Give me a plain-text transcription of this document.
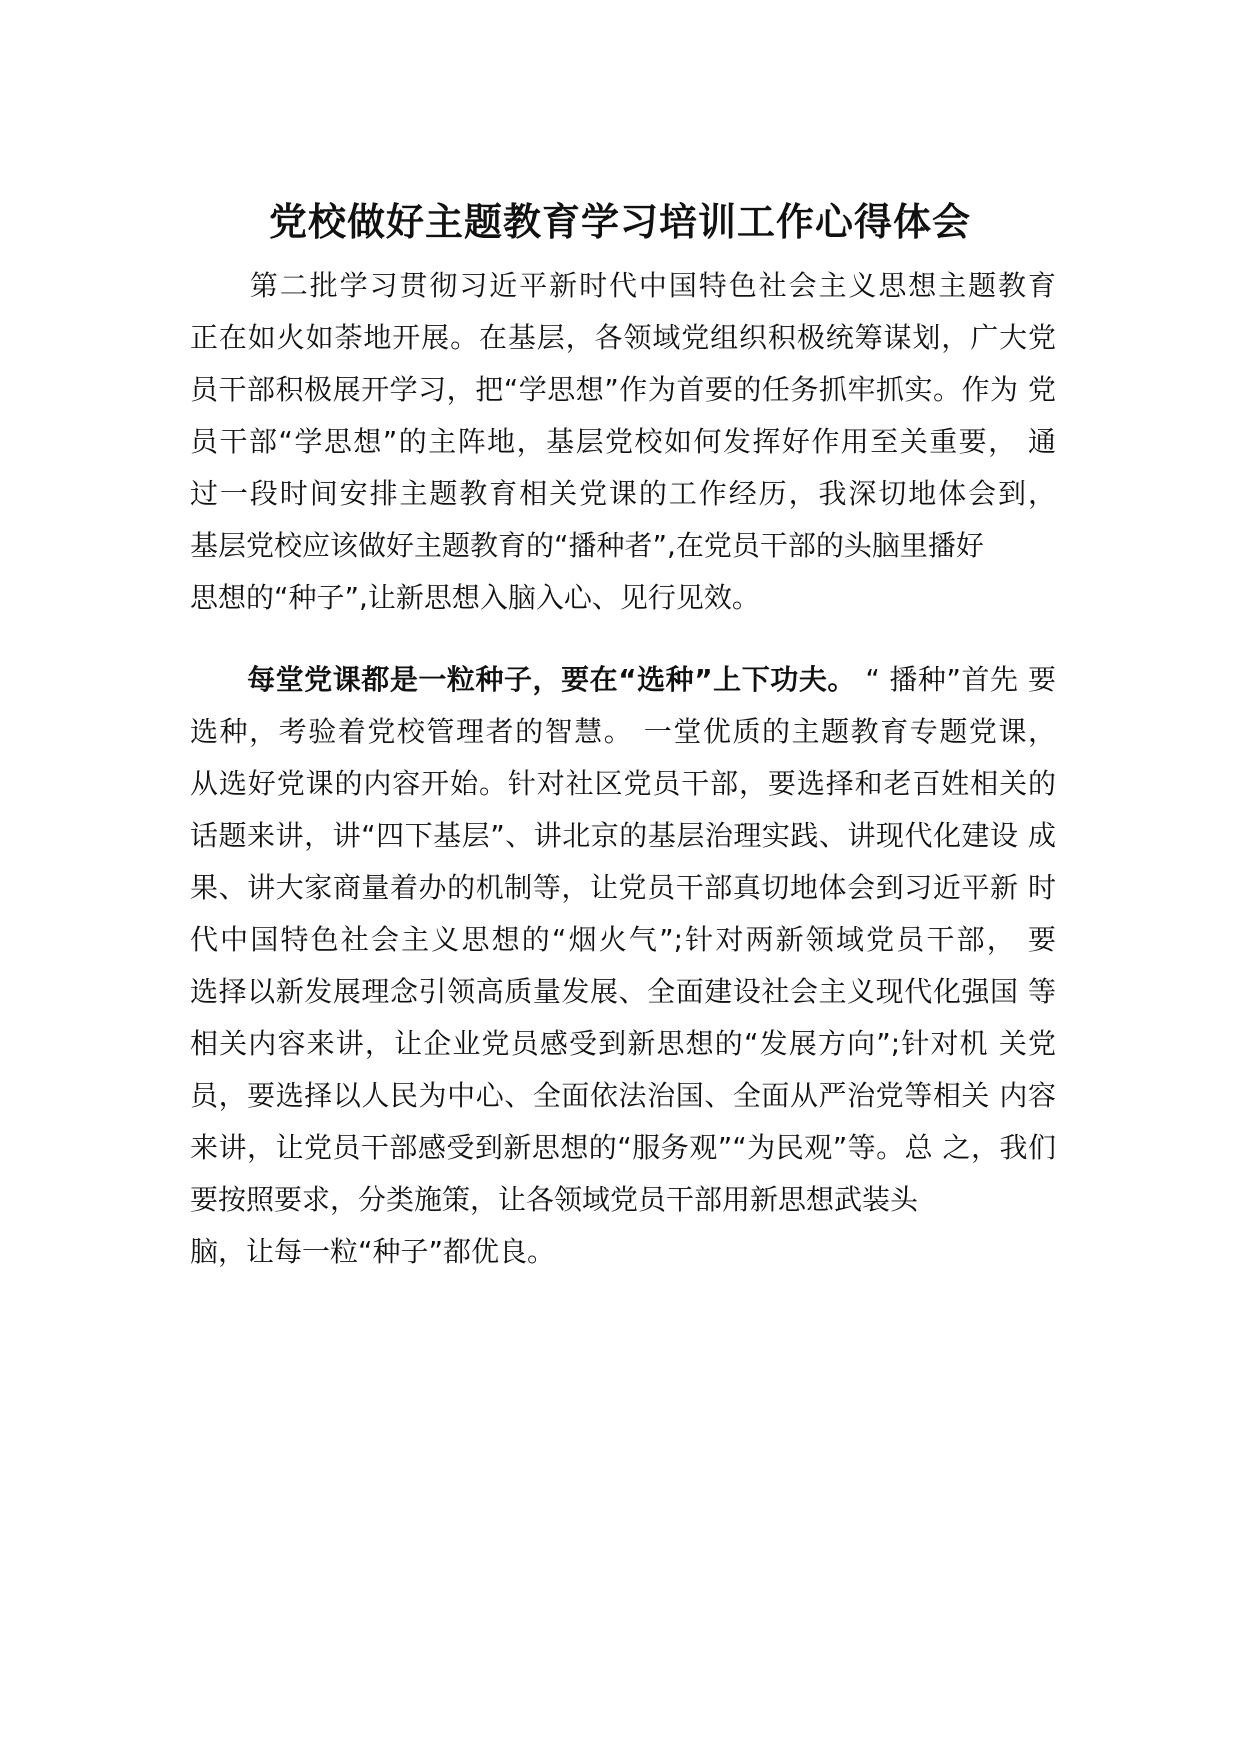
党校做好主题教育学习培训工作心得体会

　　第二批学习贯彻习近平新时代中国特色社会主义思想主题教育

正在如火如荼地开展。在基层，各领域党组织积极统筹谋划，广大党

员干部积极展开学习，把“学思想”作为首要的任务抓牢抓实。作为 党

员干部“学思想”的主阵地，基层党校如何发挥好作用至关重要， 通

过一段时间安排主题教育相关党课的工作经历，我深切地体会到，

基层党校应该做好主题教育的“播种者”,在党员干部的头脑里播好

思想的“种子”,让新思想入脑入心、见行见效。

　　每堂党课都是一粒种子，要在“选种”上下功夫。 “ 播种”首先 要

选种，考验着党校管理者的智慧。 一堂优质的主题教育专题党课，

从选好党课的内容开始。针对社区党员干部，要选择和老百姓相关的

话题来讲，讲“四下基层”、讲北京的基层治理实践、讲现代化建设 成

果、讲大家商量着办的机制等，让党员干部真切地体会到习近平新 时

代中国特色社会主义思想的“烟火气”;针对两新领域党员干部， 要

选择以新发展理念引领高质量发展、全面建设社会主义现代化强国 等

相关内容来讲，让企业党员感受到新思想的“发展方向”;针对机 关党

员，要选择以人民为中心、全面依法治国、全面从严治党等相关 内容

来讲，让党员干部感受到新思想的“服务观”“为民观”等。总 之，我们

要按照要求，分类施策，让各领域党员干部用新思想武装头

脑，让每一粒“种子”都优良。
